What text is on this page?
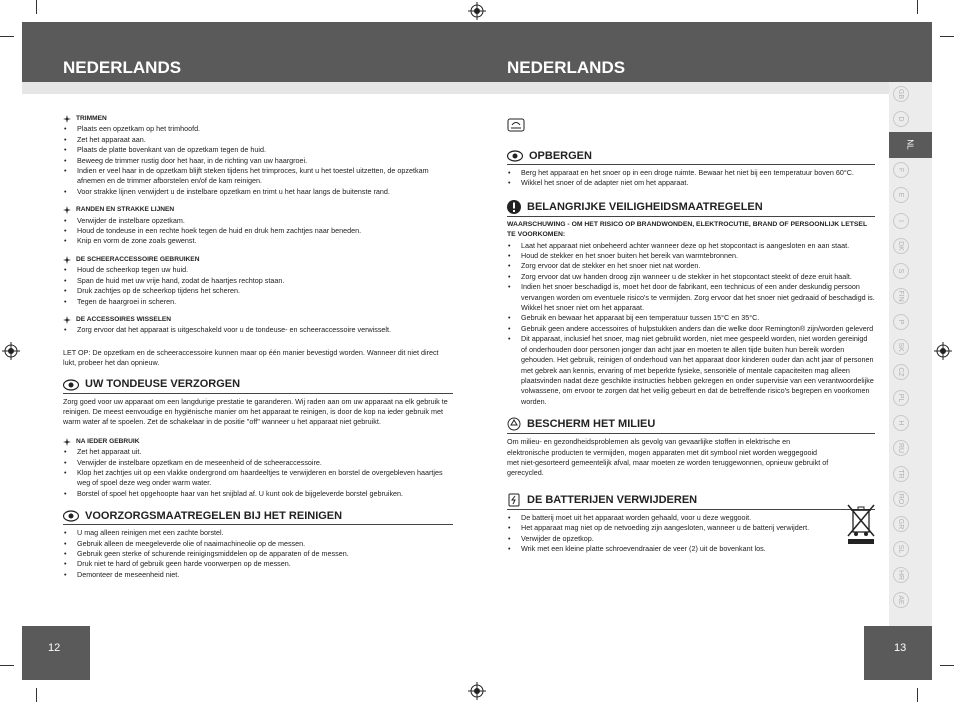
NEDERLANDS	NEDERLANDS
GB
D
NL
F
E
I
DK
S
FIN
P
SK
CZ
PL
H
RU
TR
RO
GR
SL
HR
AE
12	13
TRIMMEN
• Plaats een opzetkam op het trimhoofd.
• Zet het apparaat aan.
• Plaats de platte bovenkant van de opzetkam tegen de huid.
• Beweeg de trimmer rustig door het haar, in de richting van uw haargroei.
• Indien er veel haar in de opzetkam blijft steken tijdens het trimproces, kunt u het toestel uitzetten, de opzetkam afnemen en de trimmer afborstelen en/of de kam reinigen.
• Voor strakke lijnen verwijdert u de instelbare opzetkam en trimt u het haar langs de buitenste rand.
RANDEN EN STRAKKE LIJNEN
• Verwijder de instelbare opzetkam.
• Houd de tondeuse in een rechte hoek tegen de huid en druk hem zachtjes naar beneden.
• Knip en vorm de zone zoals gewenst.
DE SCHEERACCESSOIRE GEBRUIKEN
• Houd de scheerkop tegen uw huid.
• Span de huid met uw vrije hand, zodat de haartjes rechtop staan.
• Druk zachtjes op de scheerkop tijdens het scheren.
• Tegen de haargroei in scheren.
DE ACCESSOIRES WISSELEN
• Zorg ervoor dat het apparaat is uitgeschakeld voor u de tondeuse- en scheeraccessoire verwisselt.
LET OP: De opzetkam en de scheeraccessoire kunnen maar op één manier bevestigd worden. Wanneer dit niet direct lukt, probeer het dan opnieuw.
UW TONDEUSE VERZORGEN
Zorg goed voor uw apparaat om een langdurige prestatie te garanderen. Wij raden aan om uw apparaat na elk gebruik te reinigen. De meest eenvoudige en hygiënische manier om het apparaat te reinigen, is door de kop na ieder gebruik met warm water af te spoelen. Zet de schakelaar in de positie "off" wanneer u het apparaat niet gebruikt.
NA IEDER GEBRUIK
• Zet het apparaat uit.
• Verwijder de instelbare opzetkam en de meseenheid of de scheeraccessoire.
• Klop het zachtjes uit op een vlakke ondergrond om haardeeltjes te verwijderen en borstel de overgebleven haartjes weg of spoel deze weg onder warm water.
• Borstel of spoel het opgehoopte haar van het snijblad af. U kunt ook de bijgeleverde borstel gebruiken.
VOORZORGSMAATREGELEN BIJ HET REINIGEN
• U mag alleen reinigen met een zachte borstel.
• Gebruik alleen de meegeleverde olie of naaimachineolie op de messen.
• Gebruik geen sterke of schurende reinigingsmiddelen op de apparaten of de messen.
• Druk niet te hard of gebruik geen harde voorwerpen op de messen.
• Demonteer de meseenheid niet.
OPBERGEN
• Berg het apparaat en het snoer op in een droge ruimte. Bewaar het niet bij een temperatuur boven 60°C.
• Wikkel het snoer of de adapter niet om het apparaat.
BELANGRIJKE VEILIGHEIDSMAATREGELEN
WAARSCHUWING - OM HET RISICO OP BRANDWONDEN, ELEKTROCUTIE, BRAND OF PERSOONLIJK LETSEL TE VOORKOMEN:
• Laat het apparaat niet onbeheerd achter wanneer deze op het stopcontact is aangesloten en aan staat.
• Houd de stekker en het snoer buiten het bereik van warmtebronnen.
• Zorg ervoor dat de stekker en het snoer niet nat worden.
• Zorg ervoor dat uw handen droog zijn wanneer u de stekker in het stopcontact steekt of deze eruit haalt.
• Indien het snoer beschadigd is, moet het door de fabrikant, een technicus of een ander deskundig persoon vervangen worden om eventuele risico's te vermijden. Zorg ervoor dat het snoer niet gedraaid of beschadigd is. Wikkel het snoer niet om het apparaat.
• Gebruik en bewaar het apparaat bij een temperatuur tussen 15°C en 35°C.
• Gebruik geen andere accessoires of hulpstukken anders dan die welke door Remington® zijn/worden geleverd
• Dit apparaat, inclusief het snoer, mag niet gebruikt worden, niet mee gespeeld worden, niet worden gereinigd of onderhouden door personen jonger dan acht jaar en moeten te allen tijde buiten hun bereik worden gehouden. Het gebruik, reinigen of onderhoud van het apparaat door kinderen ouder dan acht jaar of personen met gebrek aan kennis, ervaring of met beperkte fysieke, sensoriële of mentale capaciteiten mag alleen plaatsvinden nadat deze geschikte instructies hebben gekregen en onder supervisie van een verantwoordelijke volwassene, om ervoor te zorgen dat het veilig gebeurt en dat de betreffende risico's begrepen en voorkomen worden.
BESCHERM HET MILIEU
Om milieu- en gezondheidsproblemen als gevolg van gevaarlijke stoffen in elektrische en elektronische producten te vermijden, mogen apparaten met dit symbool niet worden weggegooid met niet-gesorteerd gemeentelijk afval, maar moeten ze worden teruggewonnen, opnieuw gebruikt of gerecycled.
DE BATTERIJEN VERWIJDEREN
• De batterij moet uit het apparaat worden gehaald, voor u deze weggooit.
• Het apparaat mag niet op de netvoeding zijn aangesloten, wanneer u de batterij verwijdert.
• Verwijder de opzetkop.
• Wrik met een kleine platte schroevendraaier de veer (2) uit de bovenkant los.
